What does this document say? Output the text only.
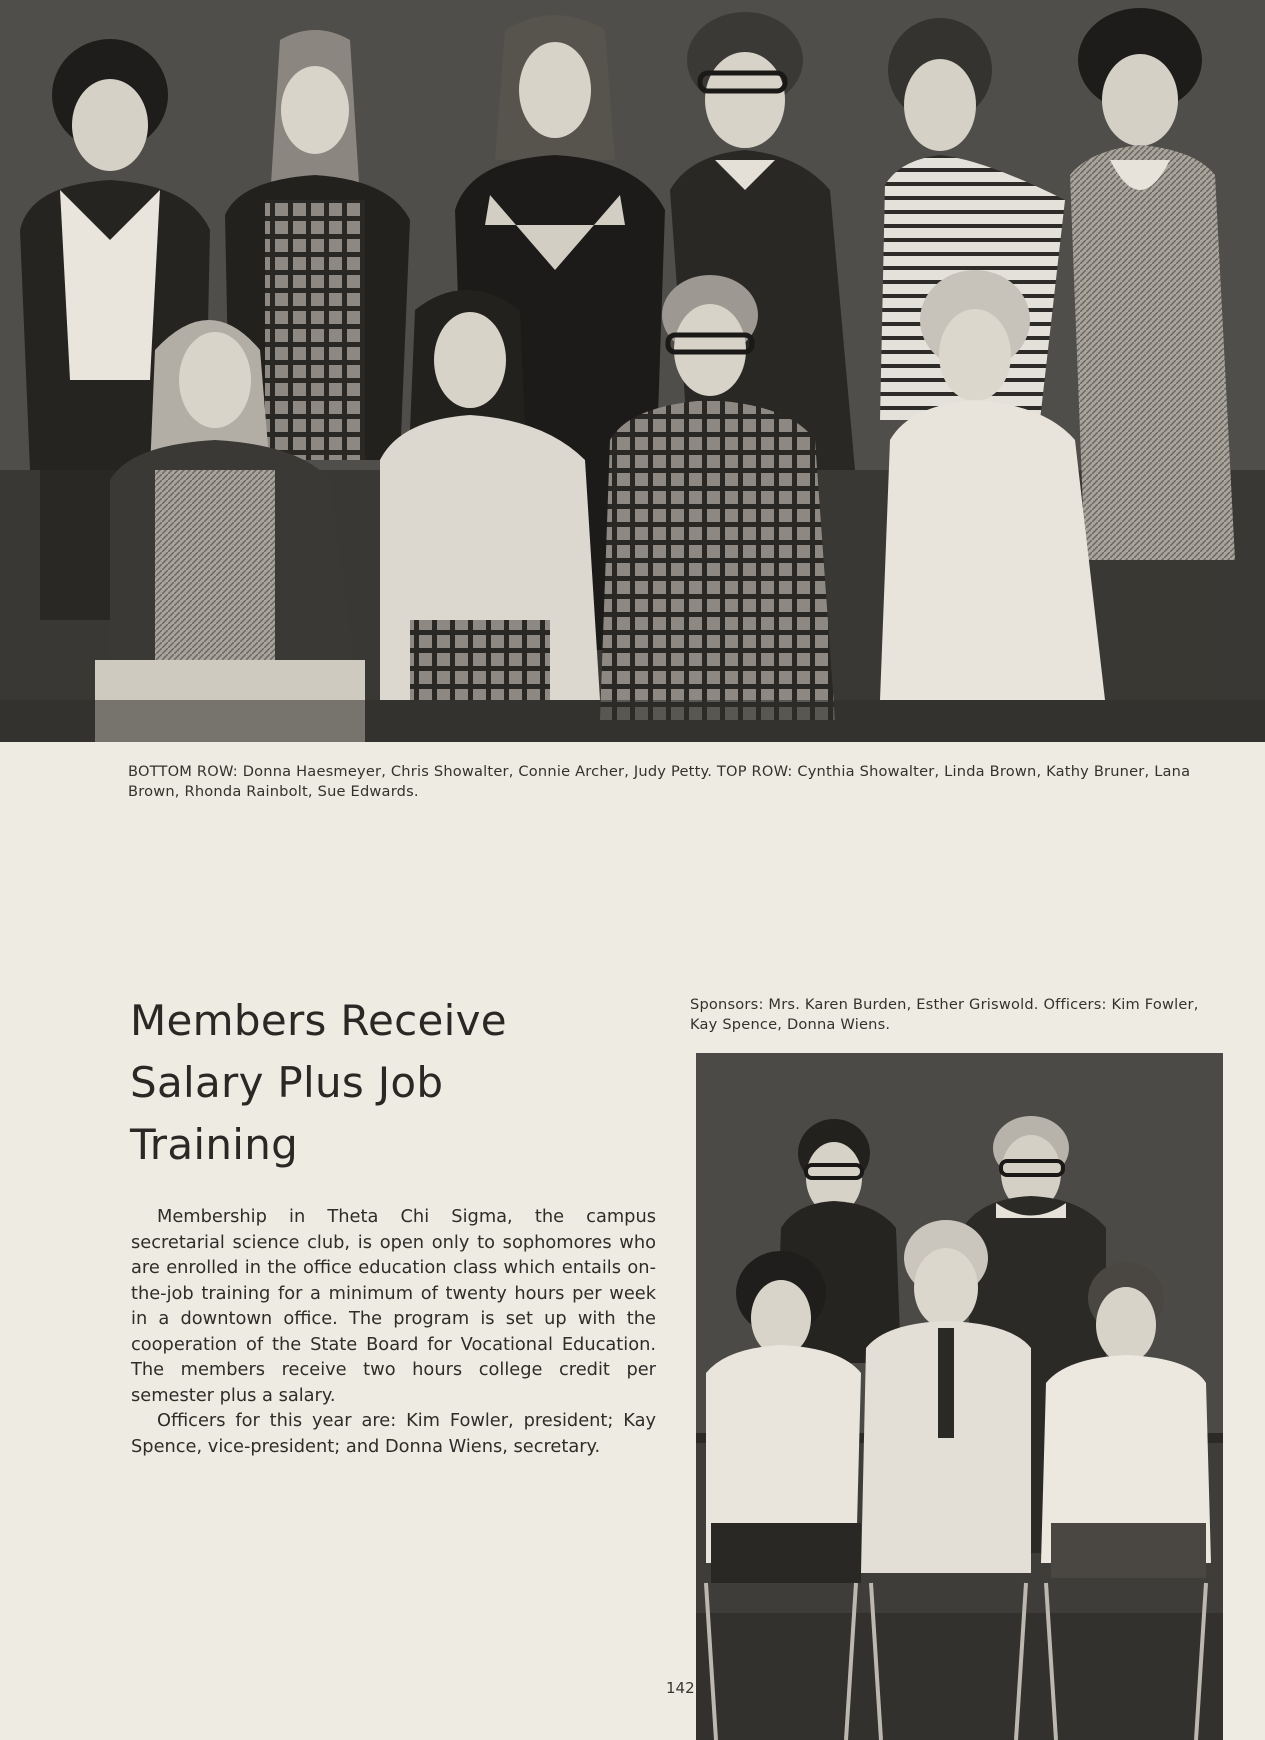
BOTTOM ROW: Donna Haesmeyer, Chris Showalter, Connie Archer, Judy Petty. TOP ROW: Cynthia Showalter, Linda Brown, Kathy Bruner, Lana Brown, Rhonda Rainbolt, Sue Edwards.
Members Receive Salary Plus Job Training

Membership in Theta Chi Sigma, the campus secretarial science club, is open only to sophomores who are enrolled in the office education class which entails on-the-job training for a minimum of twenty hours per week in a downtown office. The program is set up with the cooperation of the State Board for Vocational Education. The members receive two hours college credit per semester plus a salary.

Officers for this year are: Kim Fowler, president; Kay Spence, vice-president; and Donna Wiens, secretary.

Sponsors: Mrs. Karen Burden, Esther Griswold. Officers: Kim Fowler, Kay Spence, Donna Wiens.
142
